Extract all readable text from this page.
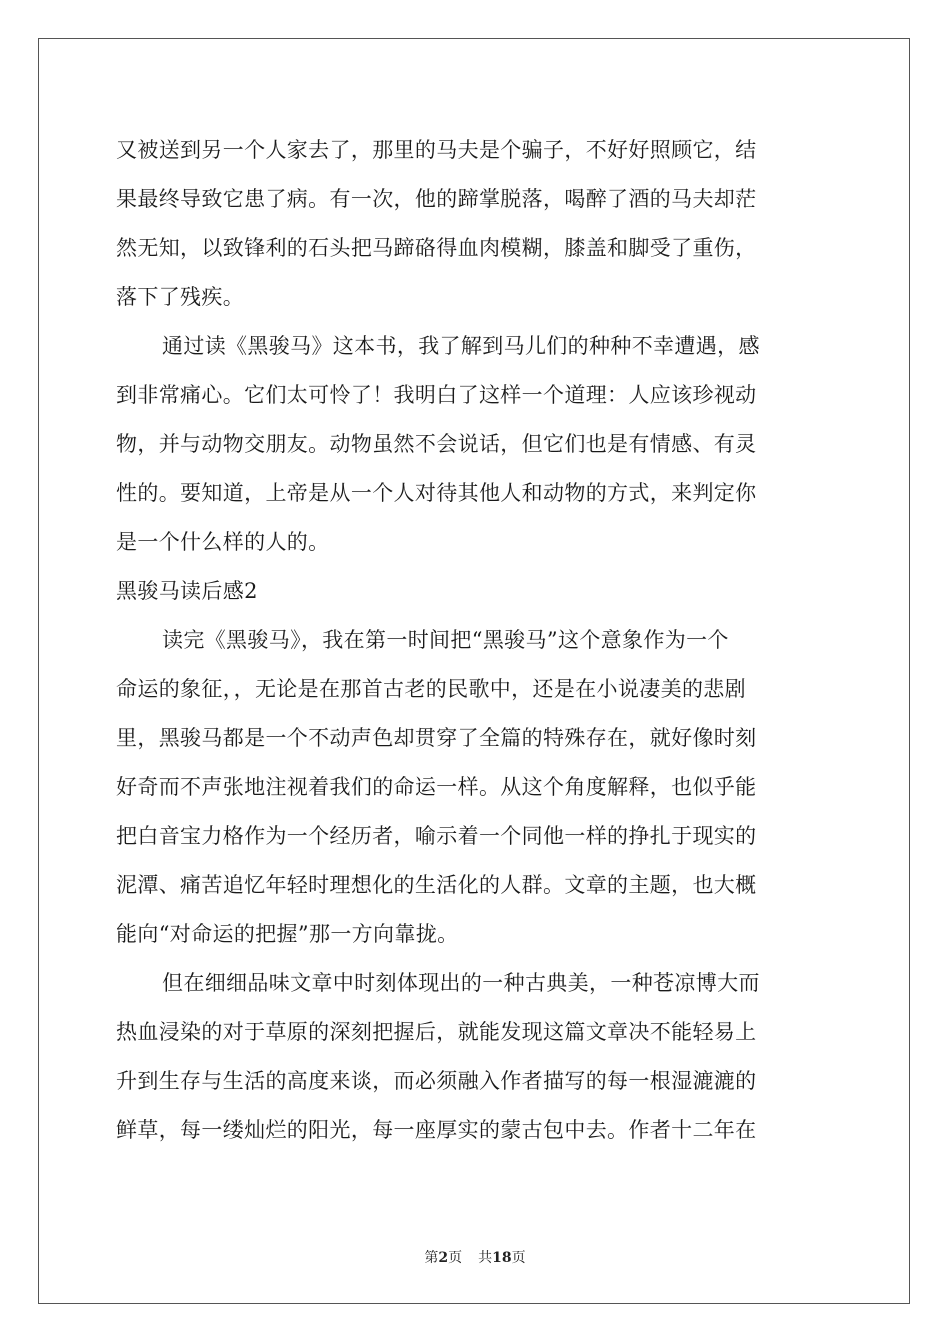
又被送到另一个人家去了，那里的马夫是个骗子，不好好照顾它，结
果最终导致它患了病。有一次，他的蹄掌脱落，喝醉了酒的马夫却茫
然无知，以致锋利的石头把马蹄硌得血肉模糊，膝盖和脚受了重伤，
落下了残疾。
通过读《黑骏马》这本书，我了解到马儿们的种种不幸遭遇，感
到非常痛心。它们太可怜了！我明白了这样一个道理：人应该珍视动
物，并与动物交朋友。动物虽然不会说话，但它们也是有情感、有灵
性的。要知道，上帝是从一个人对待其他人和动物的方式，来判定你
是一个什么样的人的。
黑骏马读后感2
读完《黑骏马》，我在第一时间把“黑骏马”这个意象作为一个
命运的象征，，无论是在那首古老的民歌中，还是在小说凄美的悲剧
里，黑骏马都是一个不动声色却贯穿了全篇的特殊存在，就好像时刻
好奇而不声张地注视着我们的命运一样。从这个角度解释，也似乎能
把白音宝力格作为一个经历者，喻示着一个同他一样的挣扎于现实的
泥潭、痛苦追忆年轻时理想化的生活化的人群。文章的主题，也大概
能向“对命运的把握”那一方向靠拢。
但在细细品味文章中时刻体现出的一种古典美，一种苍凉博大而
热血浸染的对于草原的深刻把握后，就能发现这篇文章决不能轻易上
升到生存与生活的高度来谈，而必须融入作者描写的每一根湿漉漉的
鲜草，每一缕灿烂的阳光，每一座厚实的蒙古包中去。作者十二年在
第2页 共18页
